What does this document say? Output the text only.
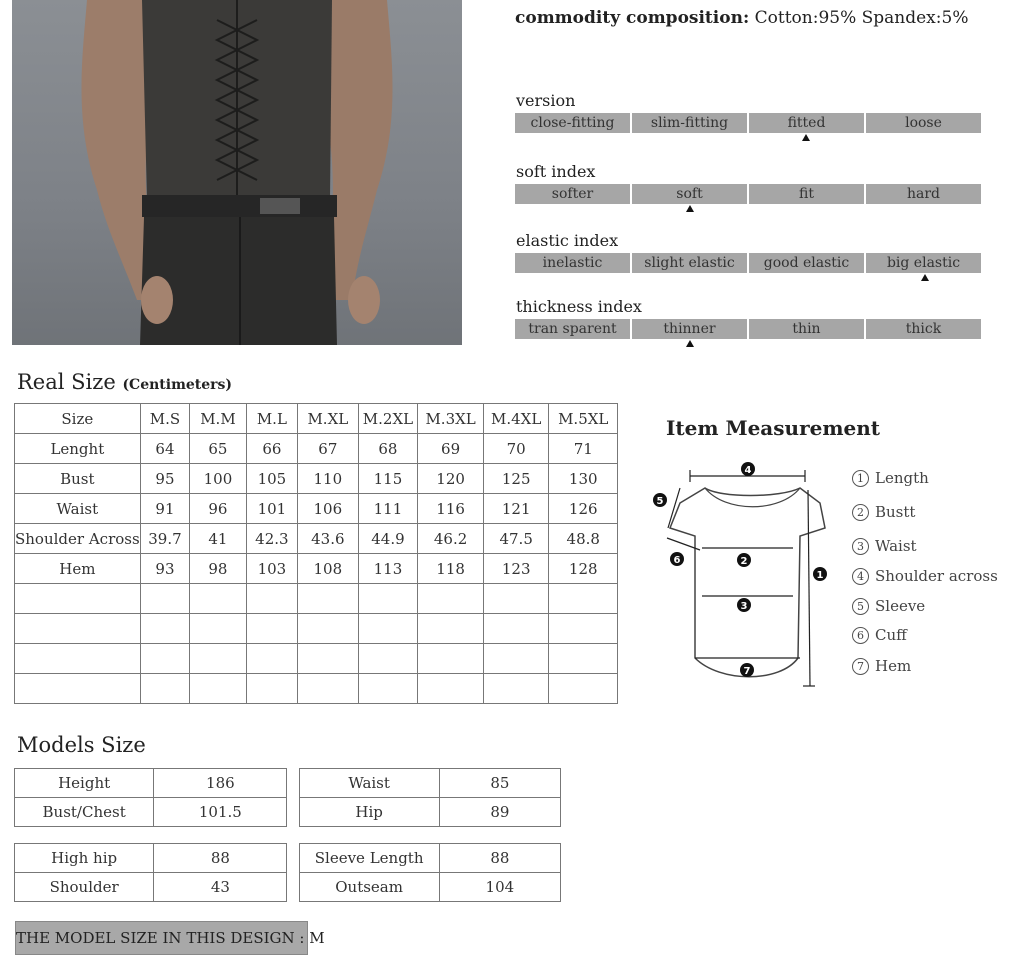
commodity composition: Cotton:95% Spandex:5%
version
close-fitting	slim-fitting	fitted	loose
soft index
softer	soft	fit	hard
elastic index
inelastic	slight elastic	good elastic	big elastic
thickness index
tran sparent	thinner	thin	thick
Real Size (Centimeters)
Size	M.S	M.M	M.L	M.XL	M.2XL	M.3XL	M.4XL	M.5XL
Lenght	64	65	66	67	68	69	70	71
Bust	95	100	105	110	115	120	125	130
Waist	91	96	101	106	111	116	121	126
Shoulder Across	39.7	41	42.3	43.6	44.9	46.2	47.5	48.8
Hem	93	98	103	108	113	118	123	128

Item Measurement
4
5
6	2
3
7
1
1 Length
2 Bustt
3 Waist
4 Shoulder across
5 Sleeve
6 Cuff
7 Hem
Models Size
Height	186		Waist	85
Bust/Chest	101.5		Hip	89
High hip	88		Sleeve Length	88
Shoulder	43		Outseam	104
THE MODEL SIZE IN THIS DESIGN : M
